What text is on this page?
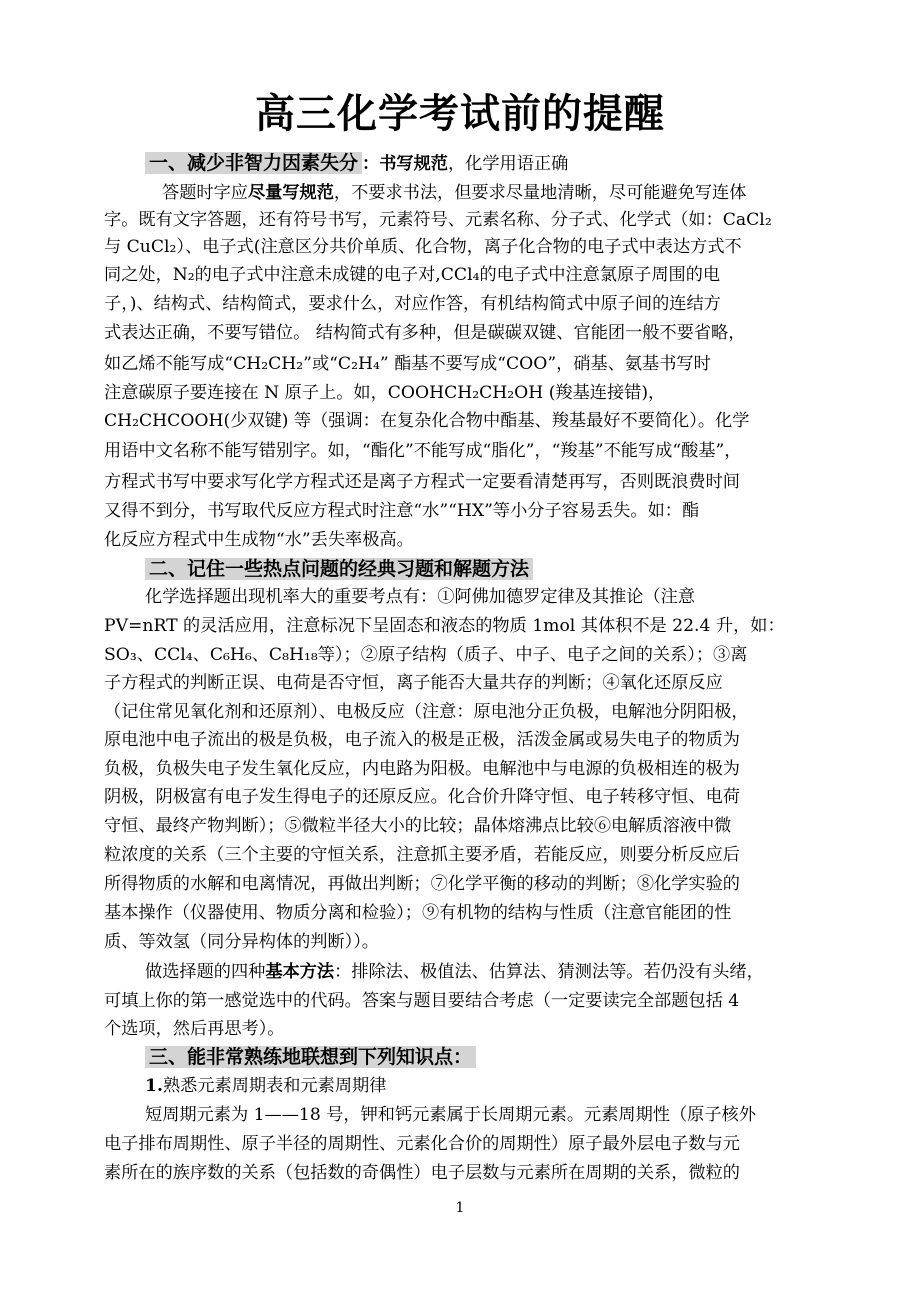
高三化学考试前的提醒
一、减少非智力因素失分 ：书写规范，化学用语正确
答题时字应尽量写规范，不要求书法，但要求尽量地清晰，尽可能避免写连体
字。既有文字答题，还有符号书写，元素符号、元素名称、分子式、化学式（如：CaCl₂
与 CuCl₂）、电子式(注意区分共价单质、化合物，离子化合物的电子式中表达方式不
同之处，N₂的电子式中注意未成键的电子对,CCl₄的电子式中注意氯原子周围的电
子，)、结构式、结构简式，要求什么，对应作答，有机结构简式中原子间的连结方
式表达正确，不要写错位。 结构简式有多种，但是碳碳双键、官能团一般不要省略，
如乙烯不能写成“CH₂CH₂”或“C₂H₄” 酯基不要写成“COO”，硝基、氨基书写时
注意碳原子要连接在 N 原子上。如，COOHCH₂CH₂OH (羧基连接错)，
CH₂CHCOOH(少双键) 等（强调：在复杂化合物中酯基、羧基最好不要简化）。化学
用语中文名称不能写错别字。如，“酯化”不能写成“脂化”，“羧基”不能写成“酸基”，
方程式书写中要求写化学方程式还是离子方程式一定要看清楚再写，否则既浪费时间
又得不到分，书写取代反应方程式时注意“水”“HX”等小分子容易丢失。如：酯
化反应方程式中生成物“水”丢失率极高。
二、记住一些热点问题的经典习题和解题方法
化学选择题出现机率大的重要考点有：①阿佛加德罗定律及其推论（注意
PV=nRT 的灵活应用，注意标况下呈固态和液态的物质 1mol 其体积不是 22.4 升，如：
SO₃、CCl₄、C₆H₆、C₈H₁₈等）；②原子结构（质子、中子、电子之间的关系）；③离
子方程式的判断正误、电荷是否守恒，离子能否大量共存的判断；④氧化还原反应
（记住常见氧化剂和还原剂）、电极反应（注意：原电池分正负极，电解池分阴阳极，
原电池中电子流出的极是负极，电子流入的极是正极，活泼金属或易失电子的物质为
负极，负极失电子发生氧化反应，内电路为阳极。电解池中与电源的负极相连的极为
阴极，阴极富有电子发生得电子的还原反应。化合价升降守恒、电子转移守恒、电荷
守恒、最终产物判断）；⑤微粒半径大小的比较；晶体熔沸点比较⑥电解质溶液中微
粒浓度的关系（三个主要的守恒关系，注意抓主要矛盾，若能反应，则要分析反应后
所得物质的水解和电离情况，再做出判断；⑦化学平衡的移动的判断；⑧化学实验的
基本操作（仪器使用、物质分离和检验）；⑨有机物的结构与性质（注意官能团的性
质、等效氢（同分异构体的判断））。
做选择题的四种基本方法：排除法、极值法、估算法、猜测法等。若仍没有头绪，
可填上你的第一感觉选中的代码。答案与题目要结合考虑（一定要读完全部题包括 4
个选项，然后再思考）。
三、能非常熟练地联想到下列知识点：
1.熟悉元素周期表和元素周期律
短周期元素为 1——18 号，钾和钙元素属于长周期元素。元素周期性（原子核外
电子排布周期性、原子半径的周期性、元素化合价的周期性）原子最外层电子数与元
素所在的族序数的关系（包括数的奇偶性）电子层数与元素所在周期的关系，微粒的
1
